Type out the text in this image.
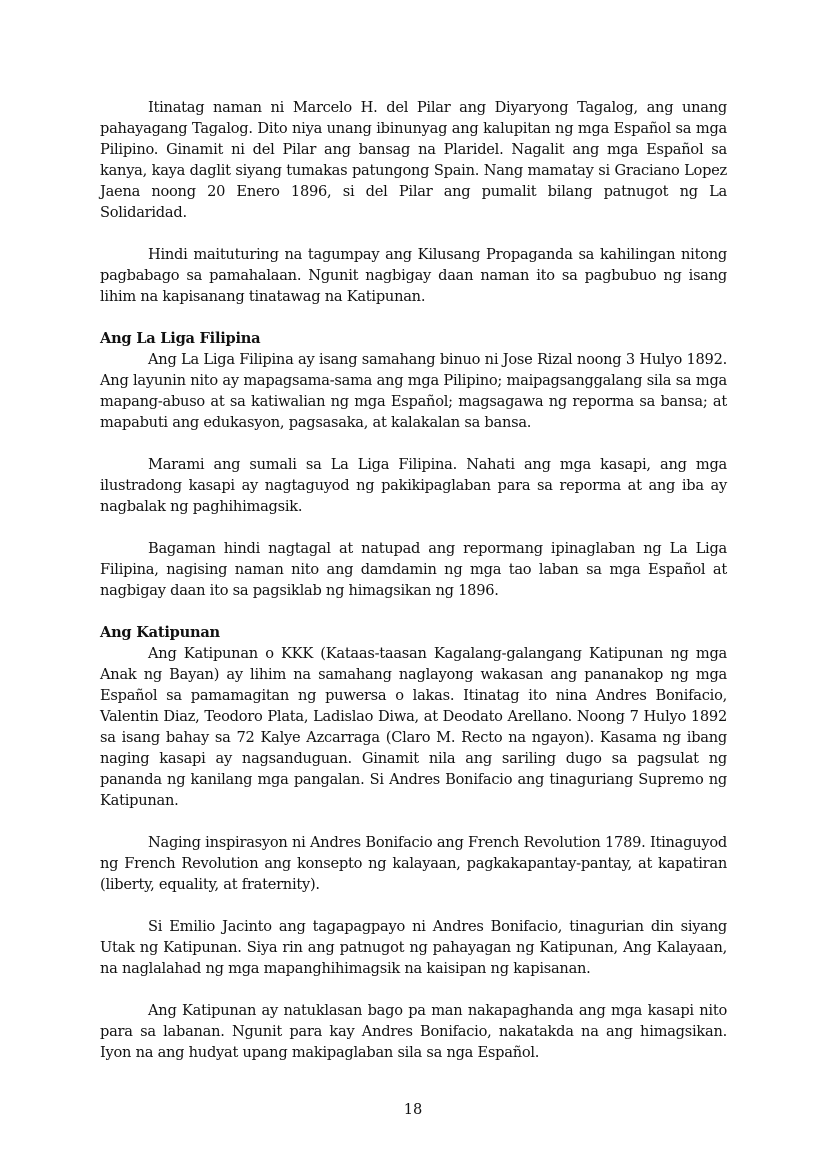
Itinatag naman ni Marcelo H. del Pilar ang Diyaryong Tagalog, ang unang pahayagang Tagalog. Dito niya unang ibinunyag ang kalupitan ng mga Español sa mga Pilipino. Ginamit ni del Pilar ang bansag na Plaridel. Nagalit ang mga Español sa kanya, kaya daglit siyang tumakas patungong Spain. Nang mamatay si Graciano Lopez Jaena noong 20 Enero 1896, si del Pilar ang pumalit bilang patnugot ng La Solidaridad.

Hindi maituturing na tagumpay ang Kilusang Propaganda sa kahilingan nitong pagbabago sa pamahalaan. Ngunit nagbigay daan naman ito sa pagbubuo ng isang lihim na kapisanang tinatawag na Katipunan.

Ang La Liga Filipina

Ang La Liga Filipina ay isang samahang binuo ni Jose Rizal noong 3 Hulyo 1892. Ang layunin nito ay mapagsama-sama ang mga Pilipino; maipagsanggalang sila sa mga mapang-abuso at sa katiwalian ng mga Español; magsagawa ng reporma sa bansa; at mapabuti ang edukasyon, pagsasaka, at kalakalan sa bansa.

Marami ang sumali sa La Liga Filipina. Nahati ang mga kasapi, ang mga ilustradong kasapi ay nagtaguyod ng pakikipaglaban para sa reporma at ang iba ay nagbalak ng paghihimagsik.

Bagaman hindi nagtagal at natupad ang repormang ipinaglaban ng La Liga Filipina, nagising naman nito ang damdamin ng mga tao laban sa mga Español at nagbigay daan ito sa pagsiklab ng himagsikan ng 1896.

Ang Katipunan

Ang Katipunan o KKK (Kataas-taasan Kagalang-galangang Katipunan ng mga Anak ng Bayan) ay lihim na samahang naglayong wakasan ang pananakop ng mga Español sa pamamagitan ng puwersa o lakas. Itinatag ito nina Andres Bonifacio, Valentin Diaz, Teodoro Plata, Ladislao Diwa, at Deodato Arellano. Noong 7 Hulyo 1892 sa isang bahay sa 72 Kalye Azcarraga (Claro M. Recto na ngayon). Kasama ng ibang naging kasapi ay nagsanduguan. Ginamit nila ang sariling dugo sa pagsulat ng pananda ng kanilang mga pangalan. Si Andres Bonifacio ang tinaguriang Supremo ng Katipunan.

Naging inspirasyon ni Andres Bonifacio ang French Revolution 1789. Itinaguyod ng French Revolution ang konsepto ng kalayaan, pagkakapantay-pantay, at kapatiran (liberty, equality, at fraternity).

Si Emilio Jacinto ang tagapagpayo ni Andres Bonifacio, tinagurian din siyang Utak ng Katipunan. Siya rin ang patnugot ng pahayagan ng Katipunan, Ang Kalayaan, na naglalahad ng mga mapanghihimagsik na kaisipan ng kapisanan.

Ang Katipunan ay natuklasan bago pa man nakapaghanda ang mga kasapi nito para sa labanan. Ngunit para kay Andres Bonifacio, nakatakda na ang himagsikan. Iyon na ang hudyat upang makipaglaban sila sa nga Español.

18
